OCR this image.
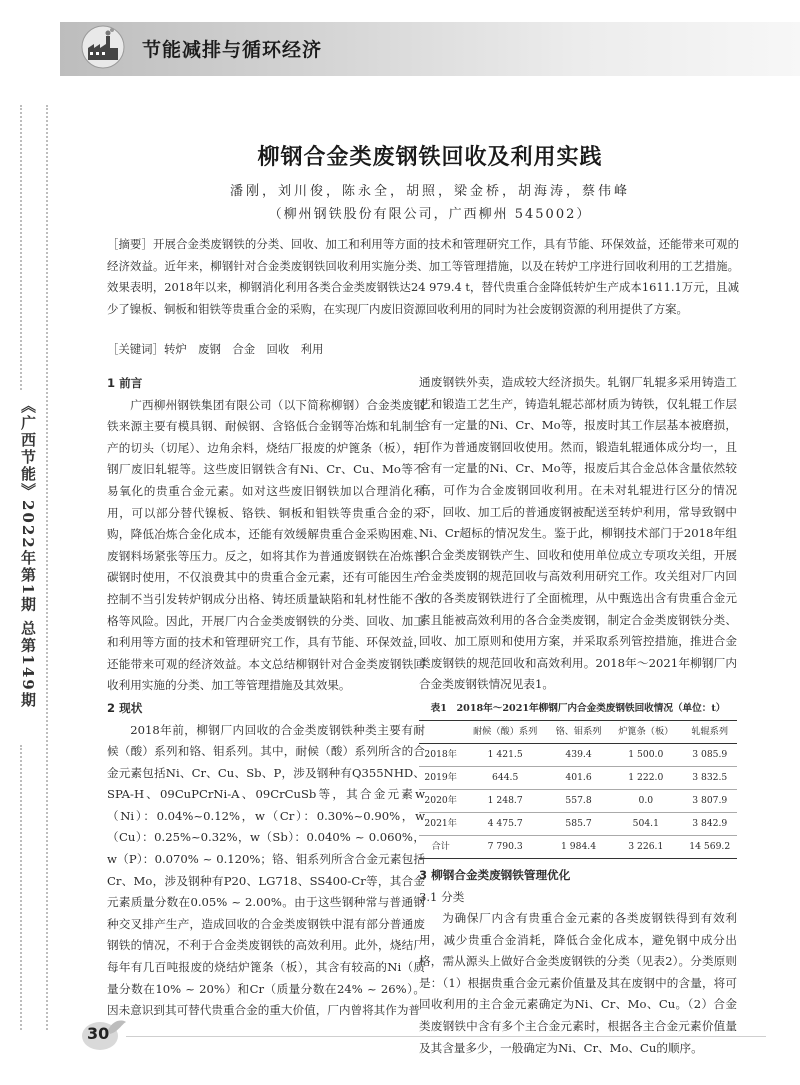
节能减排与循环经济
《广西节能》2022年第1期 总第149期
柳钢合金类废钢铁回收及利用实践
潘刚，刘川俊，陈永全，胡照，梁金桥，胡海涛，蔡伟峰
（柳州钢铁股份有限公司，广西柳州 545002）

［摘要］开展合金类废钢铁的分类、回收、加工和利用等方面的技术和管理研究工作，具有节能、环保效益，还能带来可观的经济效益。近年来，柳钢针对合金类废钢铁回收利用实施分类、加工等管理措施，以及在转炉工序进行回收利用的工艺措施。效果表明，2018年以来，柳钢消化利用各类合金类废钢铁达24 979.4 t，替代贵重合金降低转炉生产成本1611.1万元，且减少了镍板、铜板和钼铁等贵重合金的采购，在实现厂内废旧资源回收利用的同时为社会废钢资源的利用提供了方案。

［关键词］转炉　废钢　合金　回收　利用

1 前言

广西柳州钢铁集团有限公司（以下简称柳钢）合金类废钢铁来源主要有模具钢、耐候钢、含铬低合金钢等冶炼和轧制生产的切头（切尾）、边角余料，烧结厂报废的炉篦条（板），轧钢厂废旧轧辊等。这些废旧钢铁含有Ni、Cr、Cu、Mo等不易氧化的贵重合金元素。如对这些废旧钢铁加以合理消化利用，可以部分替代镍板、铬铁、铜板和钼铁等贵重合金的采购，降低冶炼合金化成本，还能有效缓解贵重合金采购困难、废钢料场紧张等压力。反之，如将其作为普通废钢铁在冶炼普碳钢时使用，不仅浪费其中的贵重合金元素，还有可能因生产控制不当引发转炉钢成分出格、铸坯质量缺陷和轧材性能不合格等风险。因此，开展厂内合金类废钢铁的分类、回收、加工和利用等方面的技术和管理研究工作，具有节能、环保效益，还能带来可观的经济效益。本文总结柳钢针对合金类废钢铁回收利用实施的分类、加工等管理措施及其效果。

2 现状

2018年前，柳钢厂内回收的合金类废钢铁种类主要有耐候（酸）系列和铬、钼系列。其中，耐候（酸）系列所含的合金元素包括Ni、Cr、Cu、Sb、P，涉及钢种有Q355NHD、SPA-H、09CuPCrNi-A、09CrCuSb等，其合金元素w（Ni）：0.04%~0.12%，w（Cr）：0.30%~0.90%，w（Cu）：0.25%~0.32%，w（Sb）：0.040% ~ 0.060%，w（P）：0.070% ~ 0.120%；铬、钼系列所含合金元素包括Cr、Mo，涉及钢种有P20、LG718、SS400-Cr等，其合金元素质量分数在0.05% ~ 2.00%。由于这些钢种常与普通钢种交叉排产生产，造成回收的合金类废钢铁中混有部分普通废钢铁的情况，不利于合金类废钢铁的高效利用。此外，烧结厂每年有几百吨报废的烧结炉篦条（板），其含有较高的Ni（质量分数在10% ~ 20%）和Cr（质量分数在24% ~ 26%）。因未意识到其可替代贵重合金的重大价值，厂内曾将其作为普

通废钢铁外卖，造成较大经济损失。轧钢厂轧辊多采用铸造工艺和锻造工艺生产，铸造轧辊芯部材质为铸铁，仅轧辊工作层含有一定量的Ni、Cr、Mo等，报废时其工作层基本被磨损，可作为普通废钢回收使用。然而，锻造轧辊通体成分均一，且含有一定量的Ni、Cr、Mo等，报废后其合金总体含量依然较高，可作为合金废钢回收利用。在未对轧辊进行区分的情况下，回收、加工后的普通废钢被配送至转炉利用，常导致钢中Ni、Cr超标的情况发生。鉴于此，柳钢技术部门于2018年组织合金类废钢铁产生、回收和使用单位成立专项攻关组，开展合金类废钢的规范回收与高效利用研究工作。攻关组对厂内回收的各类废钢铁进行了全面梳理，从中甄选出含有贵重合金元素且能被高效利用的各合金类废钢，制定合金类废钢铁分类、回收、加工原则和使用方案，并采取系列管控措施，推进合金类废钢铁的规范回收和高效利用。2018年～2021年柳钢厂内合金类废钢铁情况见表1。

表1　2018年～2021年柳钢厂内合金类废钢铁回收情况（单位：t）
	耐候（酸）系列	铬、钼系列	炉篦条（板）	轧辊系列
2018年	1 421.5	439.4	1 500.0	3 085.9
2019年	644.5	401.6	1 222.0	3 832.5
2020年	1 248.7	557.8	0.0	3 807.9
2021年	4 475.7	585.7	504.1	3 842.9
合计	7 790.3	1 984.4	3 226.1	14 569.2
3 柳钢合金类废钢铁管理优化
3.1 分类

为确保厂内含有贵重合金元素的各类废钢铁得到有效利用，减少贵重合金消耗，降低合金化成本，避免钢中成分出格，需从源头上做好合金类废钢铁的分类（见表2）。分类原则是：（1）根据贵重合金元素价值量及其在废钢中的含量，将可回收利用的主合金元素确定为Ni、Cr、Mo、Cu。（2）合金类废钢铁中含有多个主合金元素时，根据各主合金元素价值量及其含量多少，一般确定为Ni、Cr、Mo、Cu的顺序。

30
